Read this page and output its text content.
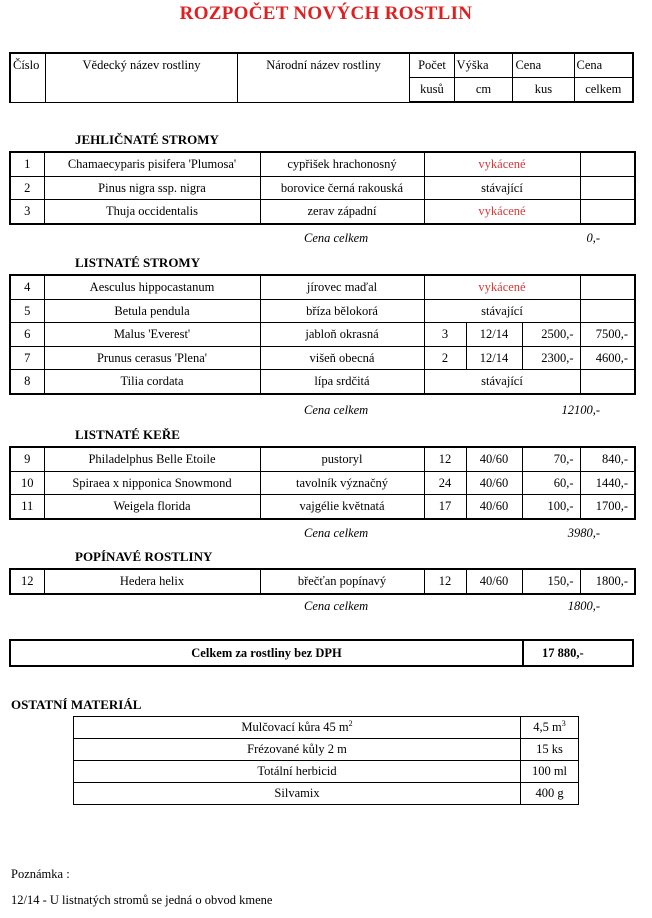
ROZPOČET NOVÝCH ROSTLIN
Číslo	Vědecký název rostliny	Národní název rostliny	Počet	Výška	Cena	Cena
			kusů	cm	kus	celkem
JEHLIČNATÉ STROMY
1	Chamaecyparis pisifera 'Plumosa'	cypřišek hrachonosný	vykácené		
2	Pinus nigra ssp. nigra	borovice černá rakouská	stávající		
3	Thuja occidentalis	zerav západní	vykácené		
Cena celkem	0,-
LISTNATÉ STROMY
4	Aesculus hippocastanum	jírovec maďal	vykácené		
5	Betula pendula	bříza bělokorá	stávající		
6	Malus 'Everest'	jabloň okrasná	3	12/14	2500,-	7500,-	
7	Prunus cerasus 'Plena'	višeň obecná	2	12/14	2300,-	4600,-	
8	Tilia cordata	lípa srdčitá	stávající		
Cena celkem	12100,-
LISTNATÉ KEŘE
9	Philadelphus Belle Etoile	pustoryl	12	40/60	70,-	840,-
10	Spiraea x nipponica Snowmond	tavolník význačný	24	40/60	60,-	1440,-
11	Weigela florida	vajgélie květnatá	17	40/60	100,-	1700,-
Cena celkem	3980,-
POPÍNAVÉ ROSTLINY
12	Hedera helix	břečťan popínavý	12	40/60	150,-	1800,-
Cena celkem	1800,-
Celkem za rostliny bez DPH	17 880,-
OSTATNÍ MATERIÁL
Mulčovací kůra 45 $m^2$	4,5 $m^3$
Frézované kůly 2 m	15 ks
Totální herbicid	100 ml
Silvamix	400 g
Poznámka :
12/14 - U listnatých stromů se jedná o obvod kmene
